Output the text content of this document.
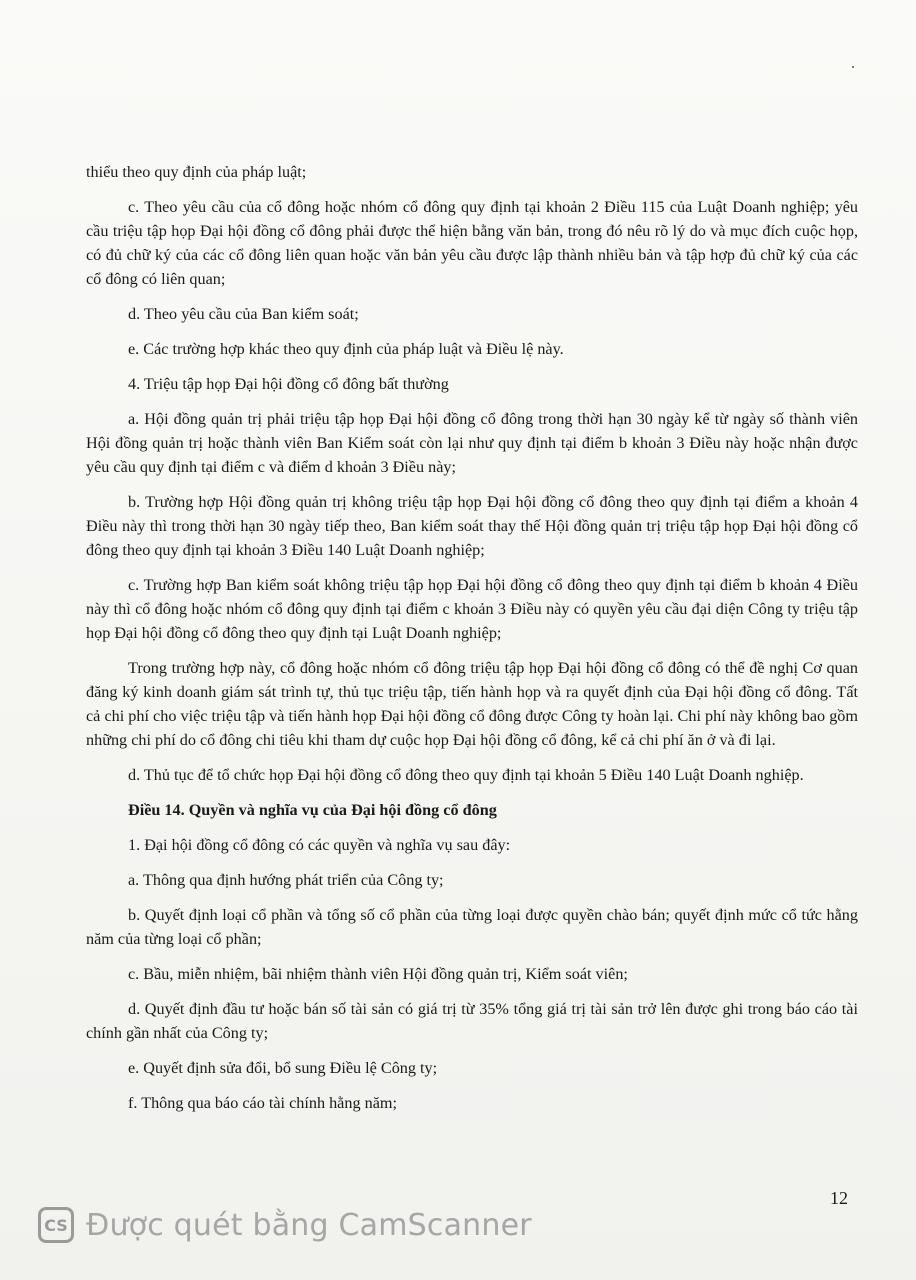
thiểu theo quy định của pháp luật;

c. Theo yêu cầu của cổ đông hoặc nhóm cổ đông quy định tại khoản 2 Điều 115 của Luật Doanh nghiệp; yêu cầu triệu tập họp Đại hội đồng cổ đông phải được thể hiện bằng văn bản, trong đó nêu rõ lý do và mục đích cuộc họp, có đủ chữ ký của các cổ đông liên quan hoặc văn bản yêu cầu được lập thành nhiều bản và tập hợp đủ chữ ký của các cổ đông có liên quan;

d. Theo yêu cầu của Ban kiểm soát;

e. Các trường hợp khác theo quy định của pháp luật và Điều lệ này.

4. Triệu tập họp Đại hội đồng cổ đông bất thường

a. Hội đồng quản trị phải triệu tập họp Đại hội đồng cổ đông trong thời hạn 30 ngày kể từ ngày số thành viên Hội đồng quản trị hoặc thành viên Ban Kiểm soát còn lại như quy định tại điểm b khoản 3 Điều này hoặc nhận được yêu cầu quy định tại điểm c và điểm d khoản 3 Điều này;

b. Trường hợp Hội đồng quản trị không triệu tập họp Đại hội đồng cổ đông theo quy định tại điểm a khoản 4 Điều này thì trong thời hạn 30 ngày tiếp theo, Ban kiểm soát thay thế Hội đồng quản trị triệu tập họp Đại hội đồng cổ đông theo quy định tại khoản 3 Điều 140 Luật Doanh nghiệp;

c. Trường hợp Ban kiểm soát không triệu tập họp Đại hội đồng cổ đông theo quy định tại điểm b khoản 4 Điều này thì cổ đông hoặc nhóm cổ đông quy định tại điểm c khoản 3 Điều này có quyền yêu cầu đại diện Công ty triệu tập họp Đại hội đồng cổ đông theo quy định tại Luật Doanh nghiệp;

Trong trường hợp này, cổ đông hoặc nhóm cổ đông triệu tập họp Đại hội đồng cổ đông có thể đề nghị Cơ quan đăng ký kinh doanh giám sát trình tự, thủ tục triệu tập, tiến hành họp và ra quyết định của Đại hội đồng cổ đông. Tất cả chi phí cho việc triệu tập và tiến hành họp Đại hội đồng cổ đông được Công ty hoàn lại. Chi phí này không bao gồm những chi phí do cổ đông chi tiêu khi tham dự cuộc họp Đại hội đồng cổ đông, kể cả chi phí ăn ở và đi lại.

d. Thủ tục để tổ chức họp Đại hội đồng cổ đông theo quy định tại khoản 5 Điều 140 Luật Doanh nghiệp.

Điều 14. Quyền và nghĩa vụ của Đại hội đồng cổ đông

1. Đại hội đồng cổ đông có các quyền và nghĩa vụ sau đây:

a. Thông qua định hướng phát triển của Công ty;

b. Quyết định loại cổ phần và tổng số cổ phần của từng loại được quyền chào bán; quyết định mức cổ tức hằng năm của từng loại cổ phần;

c. Bầu, miễn nhiệm, bãi nhiệm thành viên Hội đồng quản trị, Kiểm soát viên;

d. Quyết định đầu tư hoặc bán số tài sản có giá trị từ 35% tổng giá trị tài sản trở lên được ghi trong báo cáo tài chính gần nhất của Công ty;

e. Quyết định sửa đổi, bổ sung Điều lệ Công ty;

f. Thông qua báo cáo tài chính hằng năm;

12
CS Được quét bằng CamScanner
